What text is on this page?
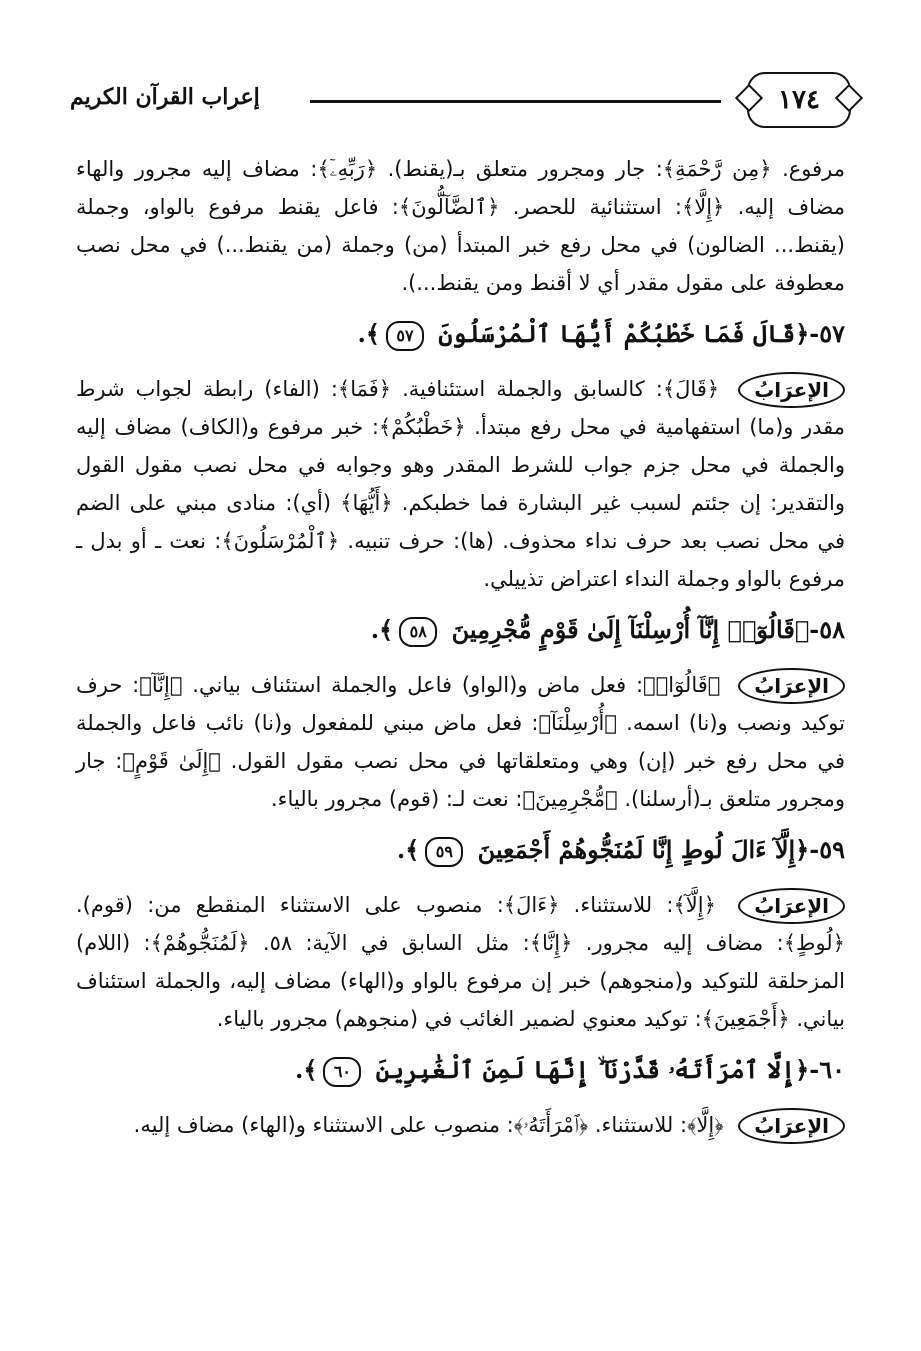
١٧٤
إعراب القرآن الكريم

مرفوع. ﴿مِن رَّحْمَةِ﴾: جار ومجرور متعلق بـ(يقنط). ﴿رَبِّهِۦٓ﴾: مضاف إليه مجرور والهاء مضاف إليه. ﴿إِلَّا﴾: استثنائية للحصر. ﴿ٱلضَّآلُّونَ﴾: فاعل يقنط مرفوع بالواو، وجملة (يقنط... الضالون) في محل رفع خبر المبتدأ (من) وجملة (من يقنط...) في محل نصب معطوفة على مقول مقدر أي لا أقنط ومن يقنط...).

٥٧-﴿قَالَ فَمَا خَطْبُكُمْ أَيُّهَا ٱلْمُرْسَلُونَ ٥٧﴾.

الإعرَابُ ﴿قَالَ﴾: كالسابق والجملة استئنافية. ﴿فَمَا﴾: (الفاء) رابطة لجواب شرط مقدر و(ما) استفهامية في محل رفع مبتدأ. ﴿خَطْبُكُمْ﴾: خبر مرفوع و(الكاف) مضاف إليه والجملة في محل جزم جواب للشرط المقدر وهو وجوابه في محل نصب مقول القول والتقدير: إن جئتم لسبب غير البشارة فما خطبكم. ﴿أَيُّهَا﴾ (أي): منادى مبني على الضم في محل نصب بعد حرف نداء محذوف. (ها): حرف تنبيه. ﴿ٱلْمُرْسَلُونَ﴾: نعت ـ أو بدل ـ مرفوع بالواو وجملة النداء اعتراض تذييلي.

٥٨-﴿قَالُوٓا۟ إِنَّآ أُرْسِلْنَآ إِلَىٰ قَوْمٍ مُّجْرِمِينَ ٥٨﴾.

الإعرَابُ ﴿قَالُوٓا۟﴾: فعل ماض و(الواو) فاعل والجملة استئناف بياني. ﴿إِنَّآ﴾: حرف توكيد ونصب و(نا) اسمه. ﴿أُرْسِلْنَآ﴾: فعل ماض مبني للمفعول و(نا) نائب فاعل والجملة في محل رفع خبر (إن) وهي ومتعلقاتها في محل نصب مقول القول. ﴿إِلَىٰ قَوْمٍ﴾: جار ومجرور متلعق بـ(أرسلنا). ﴿مُّجْرِمِينَ﴾: نعت لـ: (قوم) مجرور بالياء.

٥٩-﴿إِلَّآ ءَالَ لُوطٍ إِنَّا لَمُنَجُّوهُمْ أَجْمَعِينَ ٥٩﴾.

الإعرَابُ ﴿إِلَّآ﴾: للاستثناء. ﴿ءَالَ﴾: منصوب على الاستثناء المنقطع من: (قوم). ﴿لُوطٍ﴾: مضاف إليه مجرور. ﴿إِنَّا﴾: مثل السابق في الآية: ٥٨. ﴿لَمُنَجُّوهُمْ﴾: (اللام) المزحلقة للتوكيد و(منجوهم) خبر إن مرفوع بالواو و(الهاء) مضاف إليه، والجملة استئناف بياني. ﴿أَجْمَعِينَ﴾: توكيد معنوي لضمير الغائب في (منجوهم) مجرور بالياء.

٦٠-﴿إِلَّا ٱمْرَأَتَهُۥ قَدَّرْنَآ ۙ إِنَّهَا لَمِنَ ٱلْغَٰبِرِينَ ٦٠﴾.

الإعرَابُ ﴿إِلَّا﴾: للاستثناء. ﴿ٱمْرَأَتَهُۥ﴾: منصوب على الاستثناء و(الهاء) مضاف إليه.
